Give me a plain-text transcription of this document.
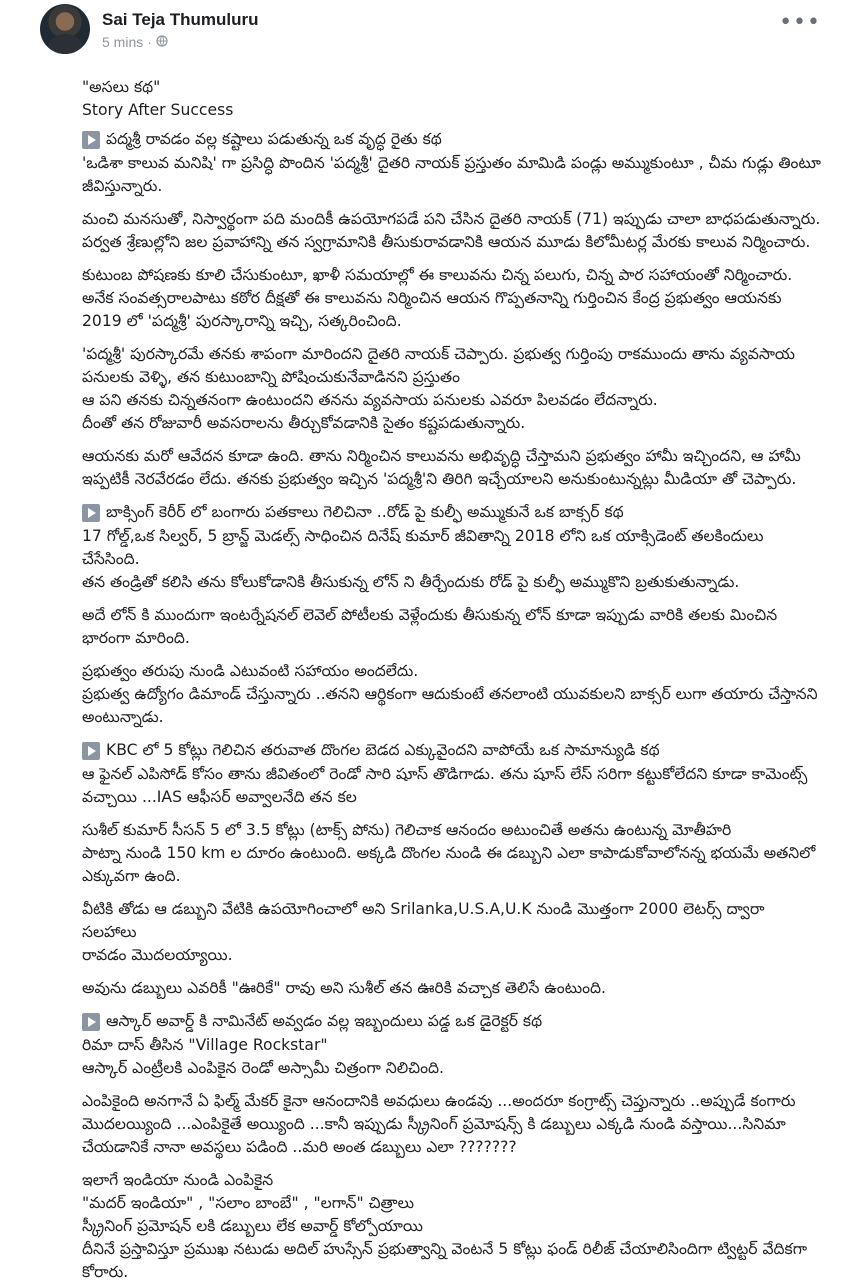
Sai Teja Thumuluru
5 mins ·
•••
"అసలు కథ"
Story After Success
పద్మశ్రీ రావడం వల్ల కష్టాలు పడుతున్న ఒక వృద్ధ రైతు కథ
'ఒడిశా కాలువ మనిషి' గా ప్రసిద్ధి పొందిన 'పద్మశ్రీ' దైతరి నాయక్ ప్రస్తుతం మామిడి పండ్లు అమ్ముకుంటూ , చీమ గుడ్లు తింటూ
జీవిస్తున్నారు.
మంచి మనసుతో, నిస్వార్థంగా పది మందికీ ఉపయోగపడే పని చేసిన దైతరి నాయక్ (71) ఇప్పుడు చాలా బాధపడుతున్నారు.
పర్వత శ్రేణుల్లోని జల ప్రవాహాన్ని తన స్వగ్రామానికి తీసుకురావడానికి ఆయన మూడు కిలోమీటర్ల మేరకు కాలువ నిర్మించారు.
కుటుంబ పోషణకు కూలి చేసుకుంటూ, ఖాళీ సమయాల్లో ఈ కాలువను చిన్న పలుగు, చిన్న పార సహాయంతో నిర్మించారు.
అనేక సంవత్సరాలపాటు కఠోర దీక్షతో ఈ కాలువను నిర్మించిన ఆయన గొప్పతనాన్ని గుర్తించిన కేంద్ర ప్రభుత్వం ఆయనకు
2019 లో 'పద్మశ్రీ' పురస్కారాన్ని ఇచ్చి, సత్కరించింది.
'పద్మశ్రీ' పురస్కారమే తనకు శాపంగా మారిందని దైతరి నాయక్ చెప్పారు. ప్రభుత్వ గుర్తింపు రాకముందు తాను వ్యవసాయ
పనులకు వెళ్ళి, తన కుటుంబాన్ని పోషించుకునేవాడినని ప్రస్తుతం
ఆ పని తనకు చిన్నతనంగా ఉంటుందని తనను వ్యవసాయ పనులకు ఎవరూ పిలవడం లేదన్నారు.
దీంతో తన రోజువారీ అవసరాలను తీర్చుకోవడానికి సైతం కష్టపడుతున్నారు.
ఆయనకు మరో ఆవేదన కూడా ఉంది. తాను నిర్మించిన కాలువను అభివృద్ధి చేస్తామని ప్రభుత్వం హామీ ఇచ్చిందని, ఆ హామీ
ఇప్పటికీ నెరవేరడం లేదు. తనకు ప్రభుత్వం ఇచ్చిన 'పద్మశ్రీ'ని తిరిగి ఇచ్చేయాలని అనుకుంటున్నట్లు మీడియా తో చెప్పారు.
బాక్సింగ్ కెరీర్ లో బంగారు పతకాలు గెలిచినా ..రోడ్ పై కుల్ఫీ అమ్ముకునే ఒక బాక్సర్ కథ
17 గోల్డ్,ఒక సిల్వర్, 5 బ్రాన్జ్ మెడల్స్ సాధించిన దినేష్ కుమార్ జీవితాన్ని 2018 లోని ఒక యాక్సిడెంట్ తలకిందులు చేసేసింది.
తన తండ్రితో కలిసి తను కోలుకోడానికి తీసుకున్న లోన్ ని తీర్చేందుకు రోడ్ పై కుల్ఫీ అమ్ముకొని బ్రతుకుతున్నాడు.
అదే లోన్ కి ముందుగా ఇంటర్నేషనల్ లెవెల్ పోటీలకు వెళ్లేందుకు తీసుకున్న లోన్ కూడా ఇప్పుడు వారికి తలకు మించిన
భారంగా మారింది.
ప్రభుత్వం తరుపు నుండి ఎటువంటి సహాయం అందలేదు.
ప్రభుత్వ ఉద్యోగం డిమాండ్ చేస్తున్నారు ..తనని ఆర్థికంగా ఆదుకుంటే తనలాంటి యువకులని బాక్సర్ లుగా తయారు చేస్తానని
అంటున్నాడు.
KBC లో 5 కోట్లు గెలిచిన తరువాత దొంగల బెడద ఎక్కువైందని వాపోయే ఒక సామాన్యుడి కథ
ఆ ఫైనల్ ఎపిసోడ్ కోసం తాను జీవితంలో రెండో సారి షూస్ తొడిగాడు. తను షూస్ లేస్ సరిగా కట్టుకోలేదని కూడా కామెంట్స్
వచ్చాయి ...IAS ఆఫీసర్ అవ్వాలనేది తన కల
సుశీల్ కుమార్ సీసన్ 5 లో 3.5 కోట్లు (టాక్స్ పోను) గెలిచాక ఆనందం అటుంచితే అతను ఉంటున్న మోతీహరి
పాట్నా నుండి 150 km ల దూరం ఉంటుంది. అక్కడి దొంగల నుండి ఈ డబ్బుని ఎలా కాపాడుకోవాలోనన్న భయమే అతనిలో
ఎక్కువగా ఉంది.
వీటికి తోడు ఆ డబ్బుని వేటికి ఉపయోగించాలో అని Srilanka,U.S.A,U.K నుండి మొత్తంగా 2000 లెటర్స్ ద్వారా సలహాలు
రావడం మొదలయ్యాయి.
అవును డబ్బులు ఎవరికీ "ఊరికే" రావు అని సుశీల్ తన ఊరికి వచ్చాక తెలిసే ఉంటుంది.
ఆస్కార్ అవార్డ్ కి నామినేట్ అవ్వడం వల్ల ఇబ్బందులు పడ్డ ఒక డైరెక్టర్ కథ
రిమా దాస్ తీసిన "Village Rockstar"
ఆస్కార్ ఎంట్రీలకి ఎంపికైన రెండో అస్సామీ చిత్రంగా నిలిచింది.
ఎంపికైంది అనగానే ఏ ఫిల్మ్ మేకర్ కైనా ఆనందానికి అవధులు ఉండవు ...అందరూ కంగ్రాట్స్ చెప్తున్నారు ..అప్పుడే కంగారు
మొదలయ్యింది ...ఎంపికైతే అయ్యింది ...కానీ ఇప్పుడు స్క్రీనింగ్ ప్రమోషన్స్ కి డబ్బులు ఎక్కడి నుండి వస్తాయి...సినిమా
చేయడానికే నానా అవస్థలు పడింది ..మరి అంత డబ్బులు ఎలా ???????
ఇలాగే ఇండియా నుండి ఎంపికైన
"మదర్ ఇండియా" , "సలాం బాంబే" , "లగాన్" చిత్రాలు
స్క్రీనింగ్ ప్రమోషన్ లకి డబ్బులు లేక అవార్డ్ కోల్పోయాయి
దీనినే ప్రస్తావిస్తూ ప్రముఖ నటుడు అదిల్ హుస్సేన్ ప్రభుత్వాన్ని వెంటనే 5 కోట్లు ఫండ్ రిలీజ్ చేయాలిసిందిగా ట్విట్టర్ వేదికగా
కోరారు.
